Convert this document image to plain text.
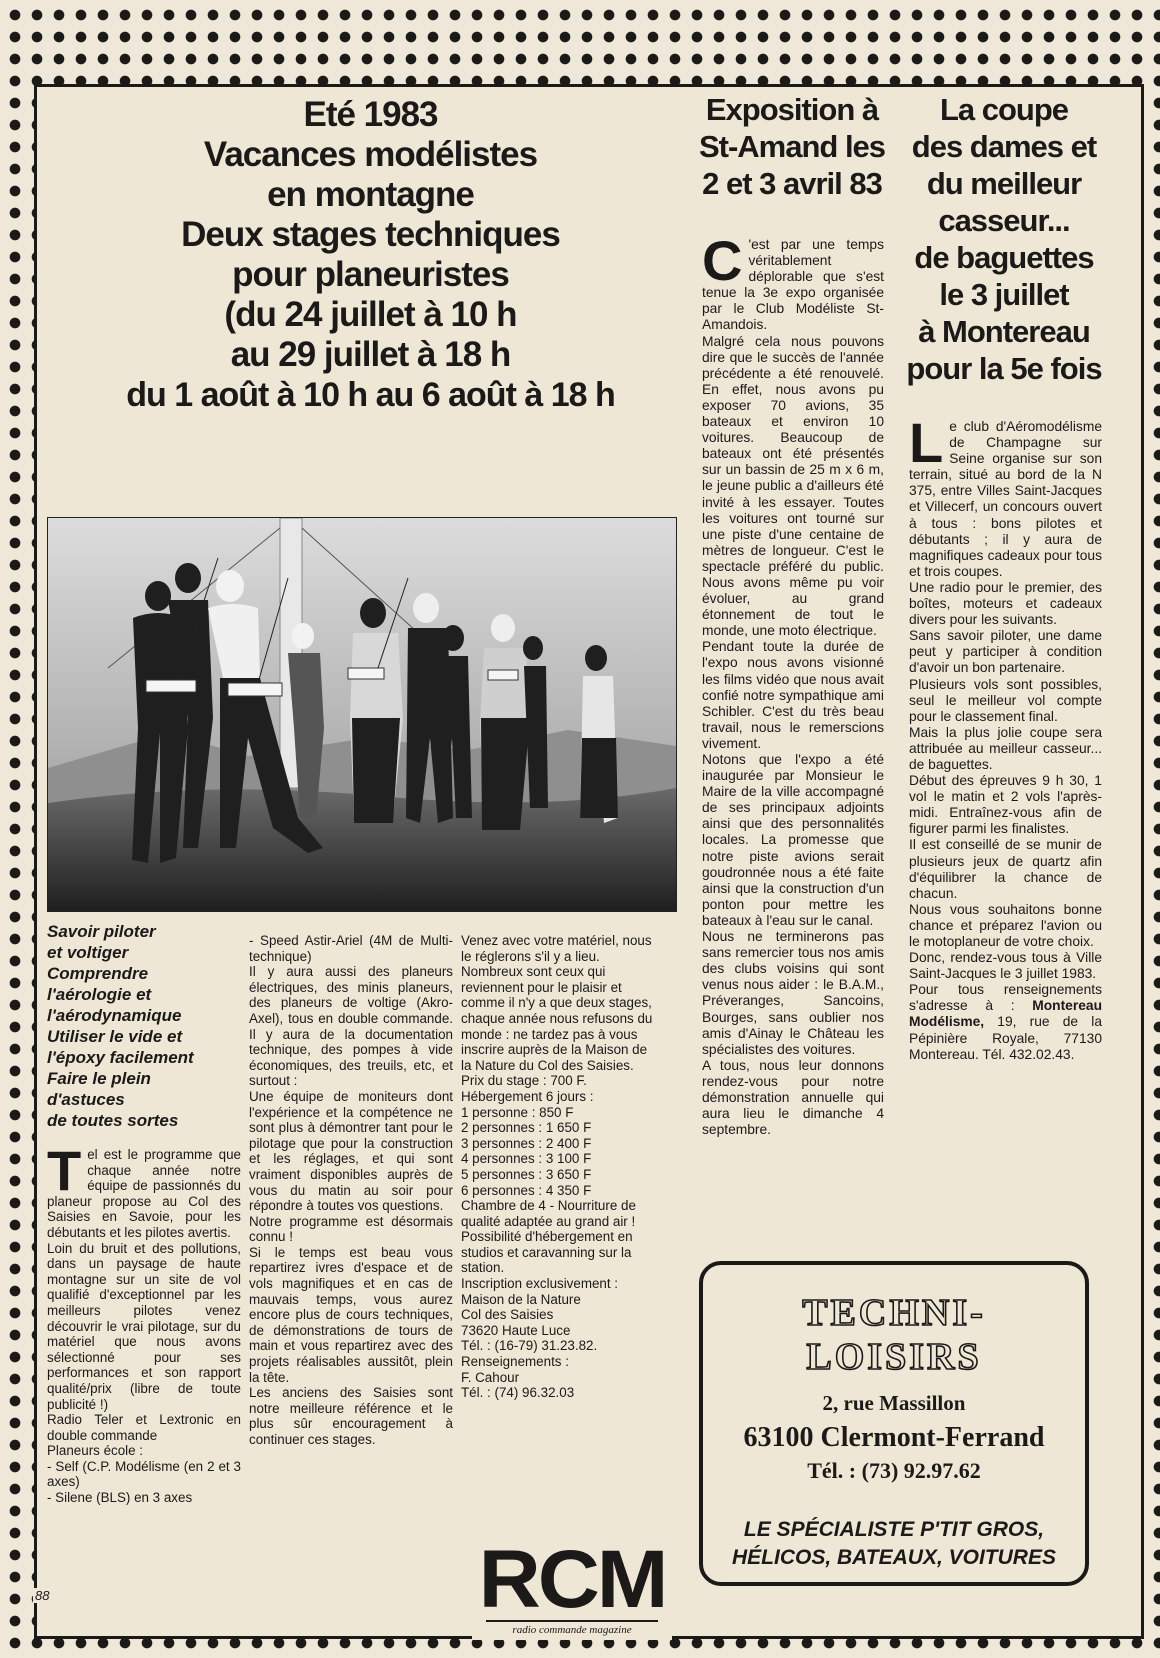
Eté 1983
Vacances modélistes
en montagne
Deux stages techniques
pour planeuristes
(du 24 juillet à 10 h
au 29 juillet à 18 h
du 1 août à 10 h au 6 août à 18 h
Savoir piloter
et voltiger
Comprendre
l'aérologie et
l'aérodynamique
Utiliser le vide et
l'époxy facilement
Faire le plein
d'astuces
de toutes sortes

Tel est le programme que chaque année notre équipe de passionnés du planeur propose au Col des Saisies en Savoie, pour les débutants et les pilotes avertis.

Loin du bruit et des pollutions, dans un paysage de haute montagne sur un site de vol qualifié d'exceptionnel par les meilleurs pilotes venez découvrir le vrai pilotage, sur du matériel que nous avons sélectionné pour ses performances et son rapport qualité/prix (libre de toute publicité !)

Radio Teler et Lextronic en double commande

Planeurs école :

- Self (C.P. Modélisme (en 2 et 3 axes)

- Silene (BLS) en 3 axes

- Speed Astir-Ariel (4M de Multi-technique)

Il y aura aussi des planeurs électriques, des minis planeurs, des planeurs de voltige (Akro-Axel), tous en double commande. Il y aura de la documentation technique, des pompes à vide économiques, des treuils, etc, et surtout :

Une équipe de moniteurs dont l'expérience et la compétence ne sont plus à démontrer tant pour le pilotage que pour la construction et les réglages, et qui sont vraiment disponibles auprès de vous du matin au soir pour répondre à toutes vos questions.

Notre programme est désormais connu !

Si le temps est beau vous repartirez ivres d'espace et de vols magnifiques et en cas de mauvais temps, vous aurez encore plus de cours techniques, de démonstrations de tours de main et vous repartirez avec des projets réalisables aussitôt, plein la tête.

Les anciens des Saisies sont notre meilleure référence et le plus sûr encouragement à continuer ces stages.

Venez avec votre matériel, nous le réglerons s'il y a lieu.

Nombreux sont ceux qui reviennent pour le plaisir et comme il n'y a que deux stages, chaque année nous refusons du monde : ne tardez pas à vous inscrire auprès de la Maison de la Nature du Col des Saisies.

Prix du stage : 700 F.

Hébergement 6 jours :

1 personne : 850 F

2 personnes : 1 650 F

3 personnes : 2 400 F

4 personnes : 3 100 F

5 personnes : 3 650 F

6 personnes : 4 350 F

Chambre de 4 - Nourriture de qualité adaptée au grand air !

Possibilité d'hébergement en studios et caravanning sur la station.

Inscription exclusivement :

Maison de la Nature

Col des Saisies

73620 Haute Luce

Tél. : (16-79) 31.23.82.

Renseignements :

F. Cahour

Tél. : (74) 96.32.03

Exposition à
St-Amand les
2 et 3 avril 83

C 'est par une temps véritablement déplorable que s'est tenue la 3e expo organisée par le Club Modéliste St-Amandois.

Malgré cela nous pouvons dire que le succès de l'année précédente a été renouvelé. En effet, nous avons pu exposer 70 avions, 35 bateaux et environ 10 voitures. Beaucoup de bateaux ont été présentés sur un bassin de 25 m x 6 m, le jeune public a d'ailleurs été invité à les essayer. Toutes les voitures ont tourné sur une piste d'une centaine de mètres de longueur. C'est le spectacle préféré du public. Nous avons même pu voir évoluer, au grand étonnement de tout le monde, une moto électrique.

Pendant toute la durée de l'expo nous avons visionné les films vidéo que nous avait confié notre sympathique ami Schibler. C'est du très beau travail, nous le remerscions vivement.

Notons que l'expo a été inaugurée par Monsieur le Maire de la ville accompagné de ses principaux adjoints ainsi que des personnalités locales. La promesse que notre piste avions serait goudronnée nous a été faite ainsi que la construction d'un ponton pour mettre les bateaux à l'eau sur le canal.

Nous ne terminerons pas sans remercier tous nos amis des clubs voisins qui sont venus nous aider : le B.A.M., Préveranges, Sancoins, Bourges, sans oublier nos amis d'Ainay le Château les spécialistes des voitures.

A tous, nous leur donnons rendez-vous pour notre démonstration annuelle qui aura lieu le dimanche 4 septembre.

La coupe
des dames et
du meilleur
casseur...
de baguettes
le 3 juillet
à Montereau
pour la 5e fois

Le club d'Aéromodélisme de Champagne sur Seine organise sur son terrain, situé au bord de la N 375, entre Villes Saint-Jacques et Villecerf, un concours ouvert à tous : bons pilotes et débutants ; il y aura de magnifiques cadeaux pour tous et trois coupes.

Une radio pour le premier, des boîtes, moteurs et cadeaux divers pour les suivants.

Sans savoir piloter, une dame peut y participer à condition d'avoir un bon partenaire.

Plusieurs vols sont possibles, seul le meilleur vol compte pour le classement final.

Mais la plus jolie coupe sera attribuée au meilleur casseur... de baguettes.

Début des épreuves 9 h 30, 1 vol le matin et 2 vols l'après-midi. Entraînez-vous afin de figurer parmi les finalistes.

Il est conseillé de se munir de plusieurs jeux de quartz afin d'équilibrer la chance de chacun.

Nous vous souhaitons bonne chance et préparez l'avion ou le motoplaneur de votre choix.

Donc, rendez-vous tous à Ville Saint-Jacques le 3 juillet 1983.

Pour tous renseignements s'adresse à : Montereau Modélisme, 19, rue de la Pépinière Royale, 77130 Montereau. Tél. 432.02.43.

TECHNI-LOISIRS
2, rue Massillon
63100 Clermont-Ferrand
Tél. : (73) 92.97.62
LE SPÉCIALISTE P'TIT GROS,
HÉLICOS, BATEAUX, VOITURES
RCM
radio commande magazine
88
